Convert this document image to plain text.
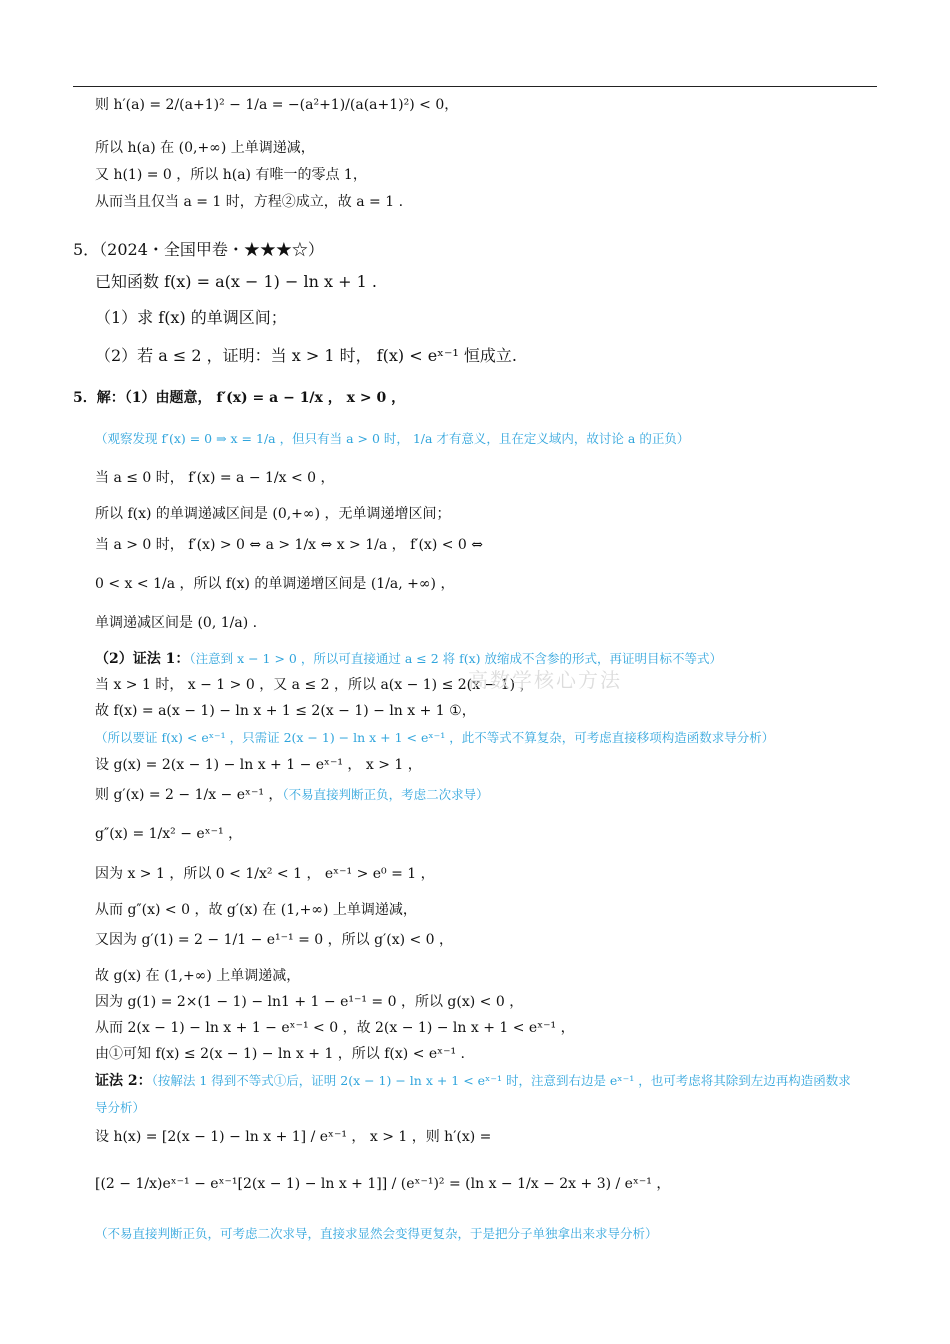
则 h′(a) = 2/(a+1)² − 1/a = −(a²+1)/(a(a+1)²) < 0，
所以 h(a) 在 (0,+∞) 上单调递减，
又 h(1) = 0 ，所以 h(a) 有唯一的零点 1，
从而当且仅当 a = 1 时，方程②成立，故 a = 1 .
5．（2024・全国甲卷・★★★☆）
已知函数 f(x) = a(x − 1) − ln x + 1 .
（1）求 f(x) 的单调区间；
（2）若 a ≤ 2 ，证明：当 x > 1 时， f(x) < eˣ⁻¹ 恒成立.
5．解：（1）由题意， f′(x) = a − 1/x ， x > 0 ，
（观察发现 f′(x) = 0 ⇒ x = 1/a ，但只有当 a > 0 时， 1/a 才有意义，且在定义域内，故讨论 a 的正负）
当 a ≤ 0 时， f′(x) = a − 1/x < 0 ，
所以 f(x) 的单调递减区间是 (0,+∞) ，无单调递增区间；
当 a > 0 时， f′(x) > 0 ⇔ a > 1/x ⇔ x > 1/a ， f′(x) < 0 ⇔
0 < x < 1/a ，所以 f(x) 的单调递增区间是 (1/a, +∞) ，
单调递减区间是 (0, 1/a) .
（2）证法 1：（注意到 x − 1 > 0 ，所以可直接通过 a ≤ 2 将 f(x) 放缩成不含参的形式，再证明目标不等式）
当 x > 1 时， x − 1 > 0 ，又 a ≤ 2 ，所以 a(x − 1) ≤ 2(x − 1) ，
故 f(x) = a(x − 1) − ln x + 1 ≤ 2(x − 1) − ln x + 1 ①，
（所以要证 f(x) < eˣ⁻¹ ，只需证 2(x − 1) − ln x + 1 < eˣ⁻¹ ，此不等式不算复杂，可考虑直接移项构造函数求导分析）
设 g(x) = 2(x − 1) − ln x + 1 − eˣ⁻¹ ， x > 1 ，
则 g′(x) = 2 − 1/x − eˣ⁻¹ ，（不易直接判断正负，考虑二次求导）
g″(x) = 1/x² − eˣ⁻¹ ，
因为 x > 1 ，所以 0 < 1/x² < 1 ， eˣ⁻¹ > e⁰ = 1 ，
从而 g″(x) < 0 ，故 g′(x) 在 (1,+∞) 上单调递减，
又因为 g′(1) = 2 − 1/1 − e¹⁻¹ = 0 ，所以 g′(x) < 0 ，
故 g(x) 在 (1,+∞) 上单调递减，
因为 g(1) = 2×(1 − 1) − ln1 + 1 − e¹⁻¹ = 0 ，所以 g(x) < 0 ，
从而 2(x − 1) − ln x + 1 − eˣ⁻¹ < 0 ，故 2(x − 1) − ln x + 1 < eˣ⁻¹ ，
由①可知 f(x) ≤ 2(x − 1) − ln x + 1 ，所以 f(x) < eˣ⁻¹ .
证法 2：（按解法 1 得到不等式①后，证明 2(x − 1) − ln x + 1 < eˣ⁻¹ 时，注意到右边是 eˣ⁻¹ ，也可考虑将其除到左边再构造函数求
导分析）
设 h(x) = [2(x − 1) − ln x + 1] / eˣ⁻¹ ， x > 1 ，则 h′(x) =
[(2 − 1/x)eˣ⁻¹ − eˣ⁻¹[2(x − 1) − ln x + 1]] / (eˣ⁻¹)² = (ln x − 1/x − 2x + 3) / eˣ⁻¹ ，
（不易直接判断正负，可考虑二次求导，直接求显然会变得更复杂，于是把分子单独拿出来求导分析）
高数学核心方法
